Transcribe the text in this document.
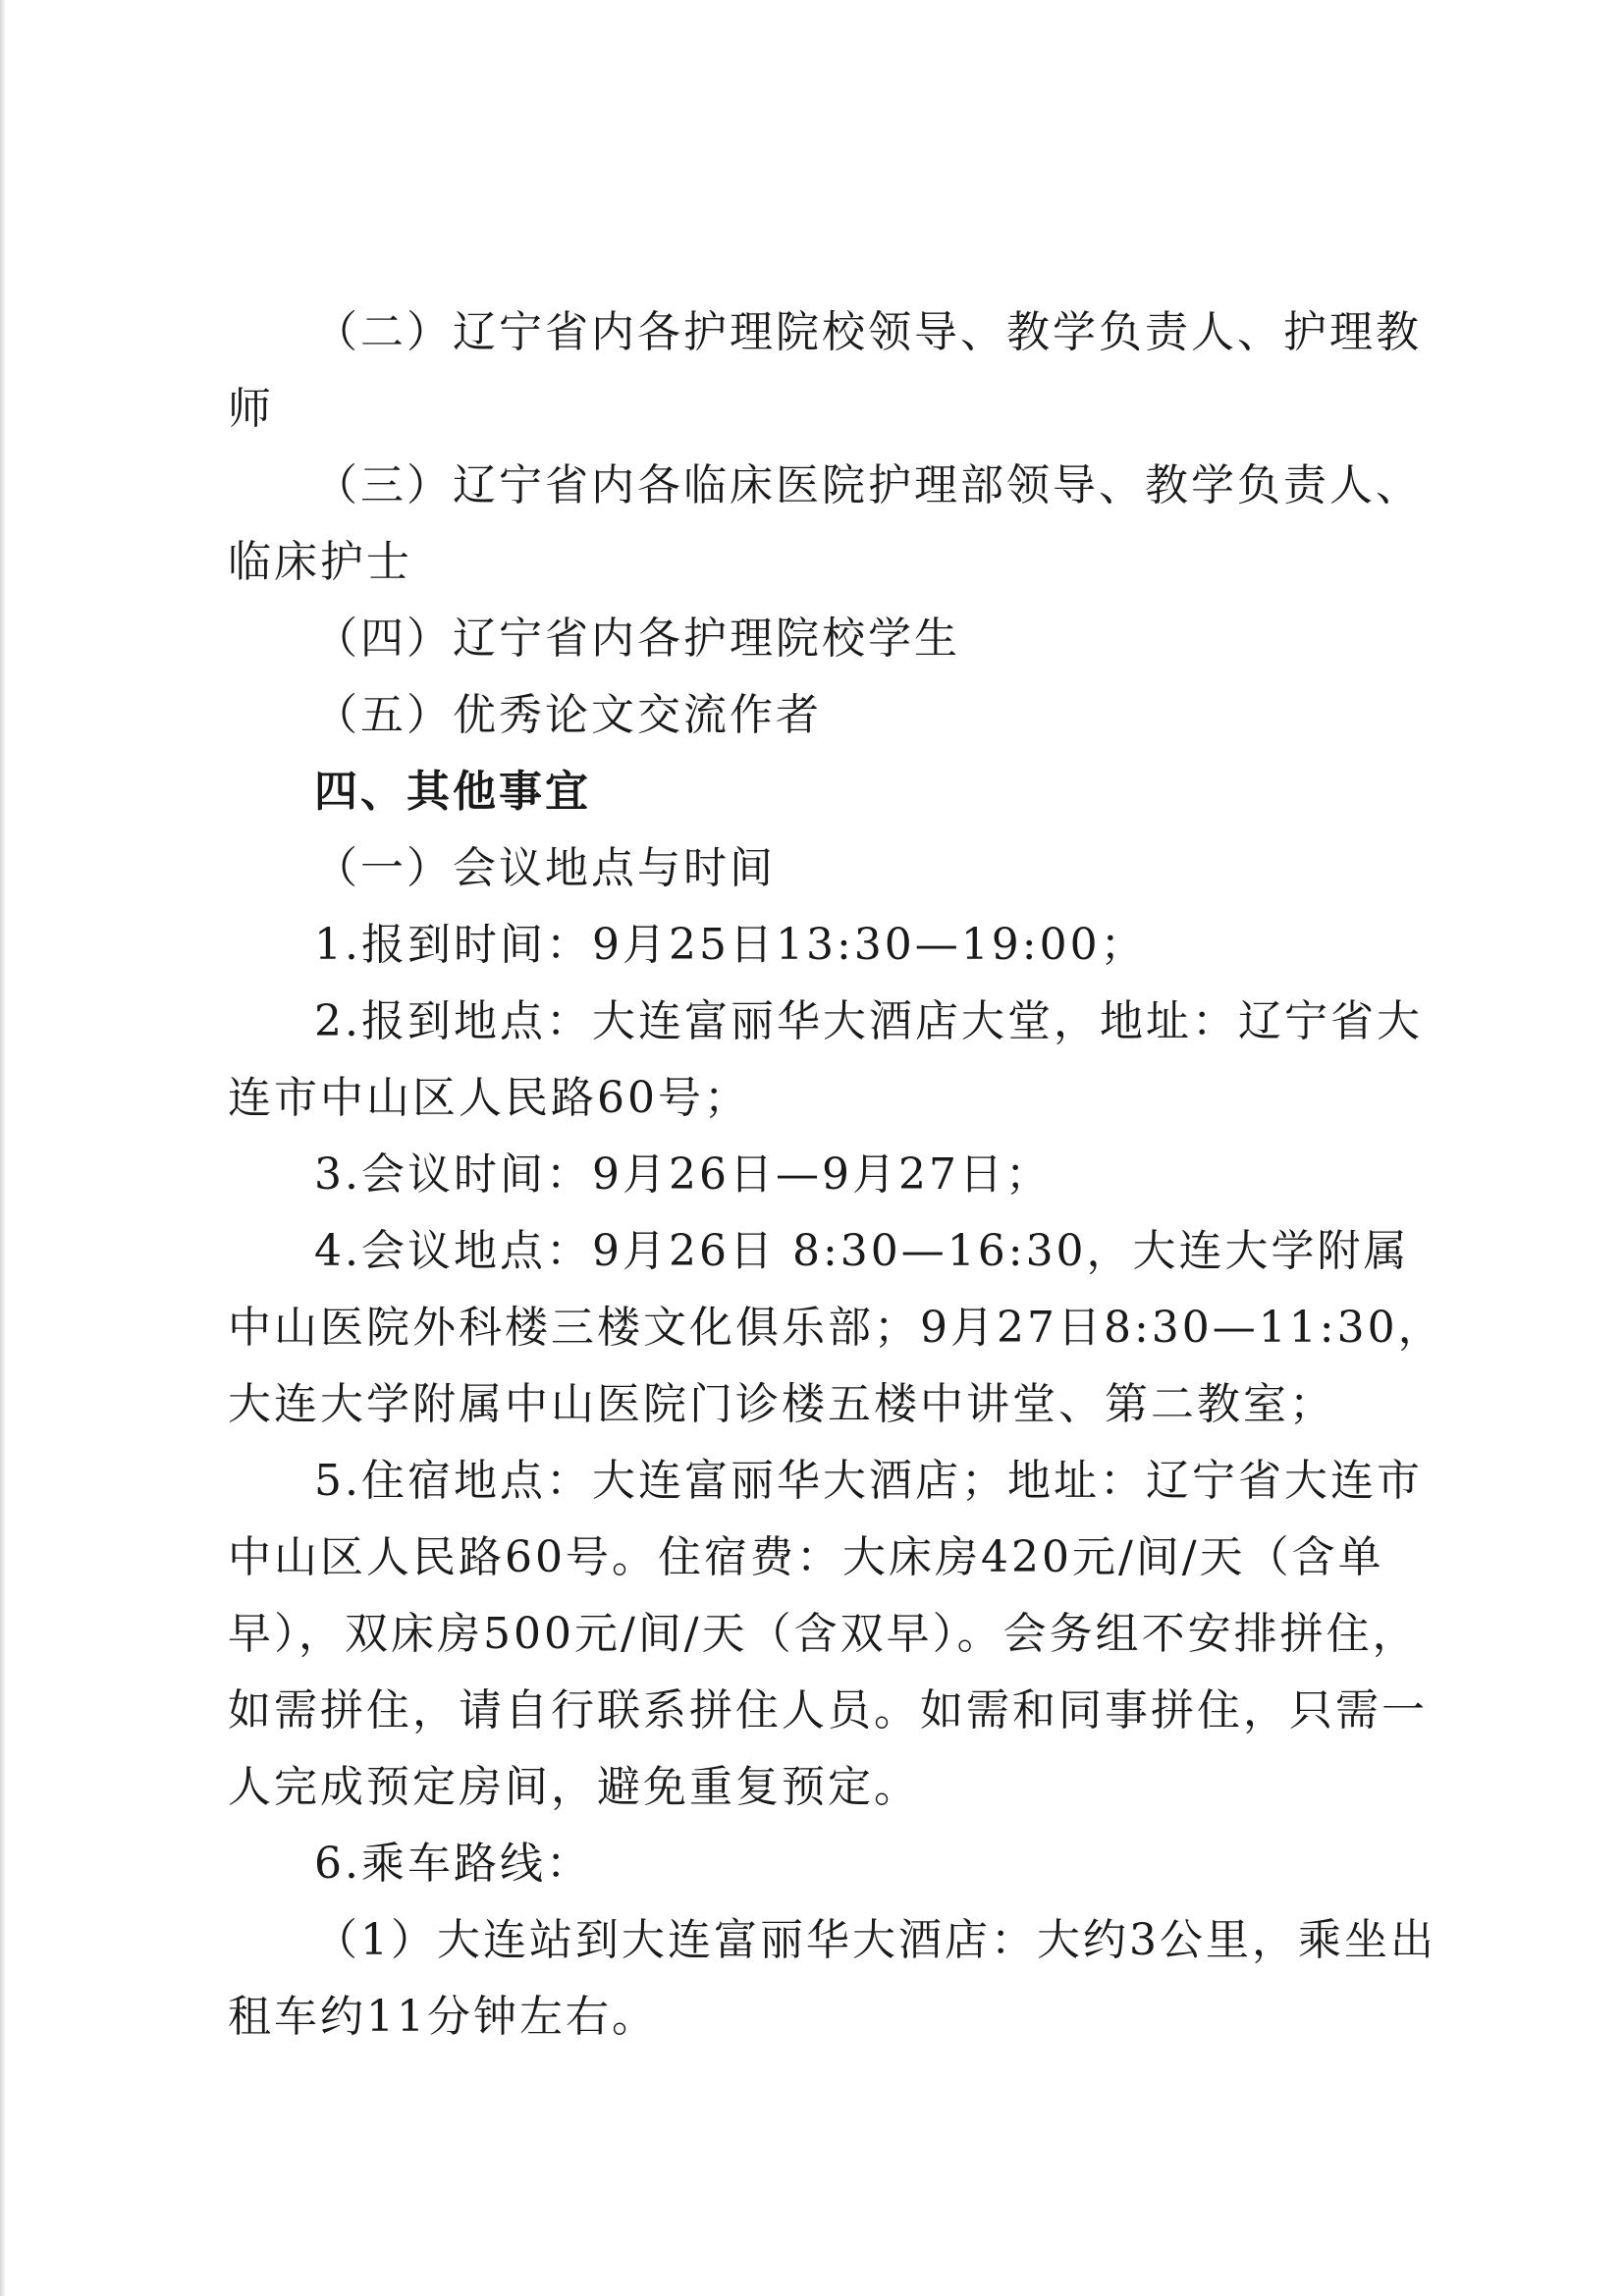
（二）辽宁省内各护理院校领导、教学负责人、护理教师

（三）辽宁省内各临床医院护理部领导、教学负责人、临床护士

（四）辽宁省内各护理院校学生

（五）优秀论文交流作者

四、其他事宜

（一）会议地点与时间

1.报到时间：9月25日13:30—19:00；

2.报到地点：大连富丽华大酒店大堂，地址：辽宁省大连市中山区人民路60号；

3.会议时间：9月26日—9月27日；

4.会议地点：9月26日 8:30—16:30，大连大学附属中山医院外科楼三楼文化俱乐部；9月27日8:30—11:30，大连大学附属中山医院门诊楼五楼中讲堂、第二教室；

5.住宿地点：大连富丽华大酒店；地址：辽宁省大连市中山区人民路60号。住宿费：大床房420元/间/天（含单早），双床房500元/间/天（含双早）。会务组不安排拼住，如需拼住，请自行联系拼住人员。如需和同事拼住，只需一人完成预定房间，避免重复预定。

6.乘车路线：

（1）大连站到大连富丽华大酒店：大约3公里，乘坐出租车约11分钟左右。
